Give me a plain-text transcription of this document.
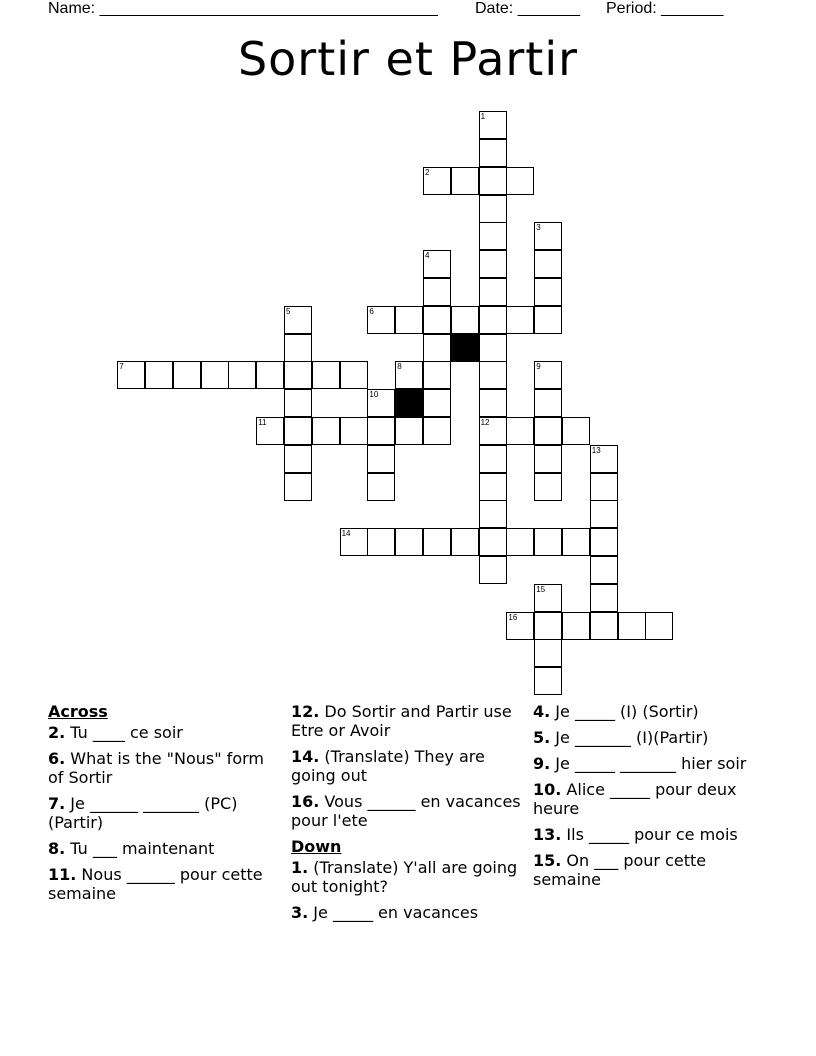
Name: ______________________________________ Date: _______ Period: _______
Sortir et Partir
1
2
3
4
5	6
7	8	9
10
11	12
13
14
15
16
Across
2. Tu ____ ce soir
6. What is the "Nous" form of Sortir
7. Je ______ _______ (PC)(Partir)
8. Tu ___ maintenant
11. Nous ______ pour cette semaine
12. Do Sortir and Partir use Etre or Avoir
14. (Translate) They are going out
16. Vous ______ en vacances pour l'ete
Down
1. (Translate) Y'all are going out tonight?
3. Je _____ en vacances
4. Je _____ (I) (Sortir)
5. Je _______ (I)(Partir)
9. Je _____ _______ hier soir
10. Alice _____ pour deux heure
13. Ils _____ pour ce mois
15. On ___ pour cette semaine
